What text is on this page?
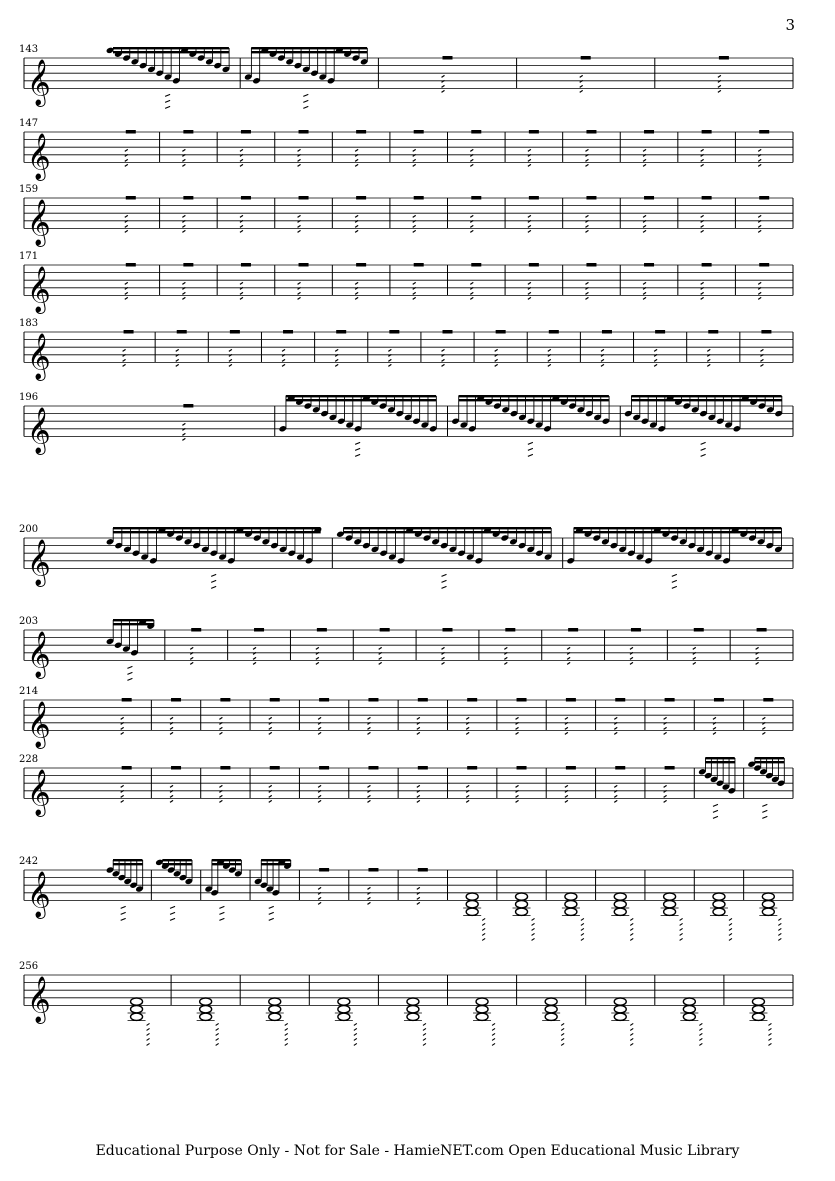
3
143
𝄞
147
𝄞
159
𝄞
171
𝄞
183
𝄞
196
𝄞
200
𝄞
203
𝄞
214
𝄞
228
𝄞
242
𝄞
256
𝄞
Educational Purpose Only - Not for Sale - HamieNET.com Open Educational Music Library
